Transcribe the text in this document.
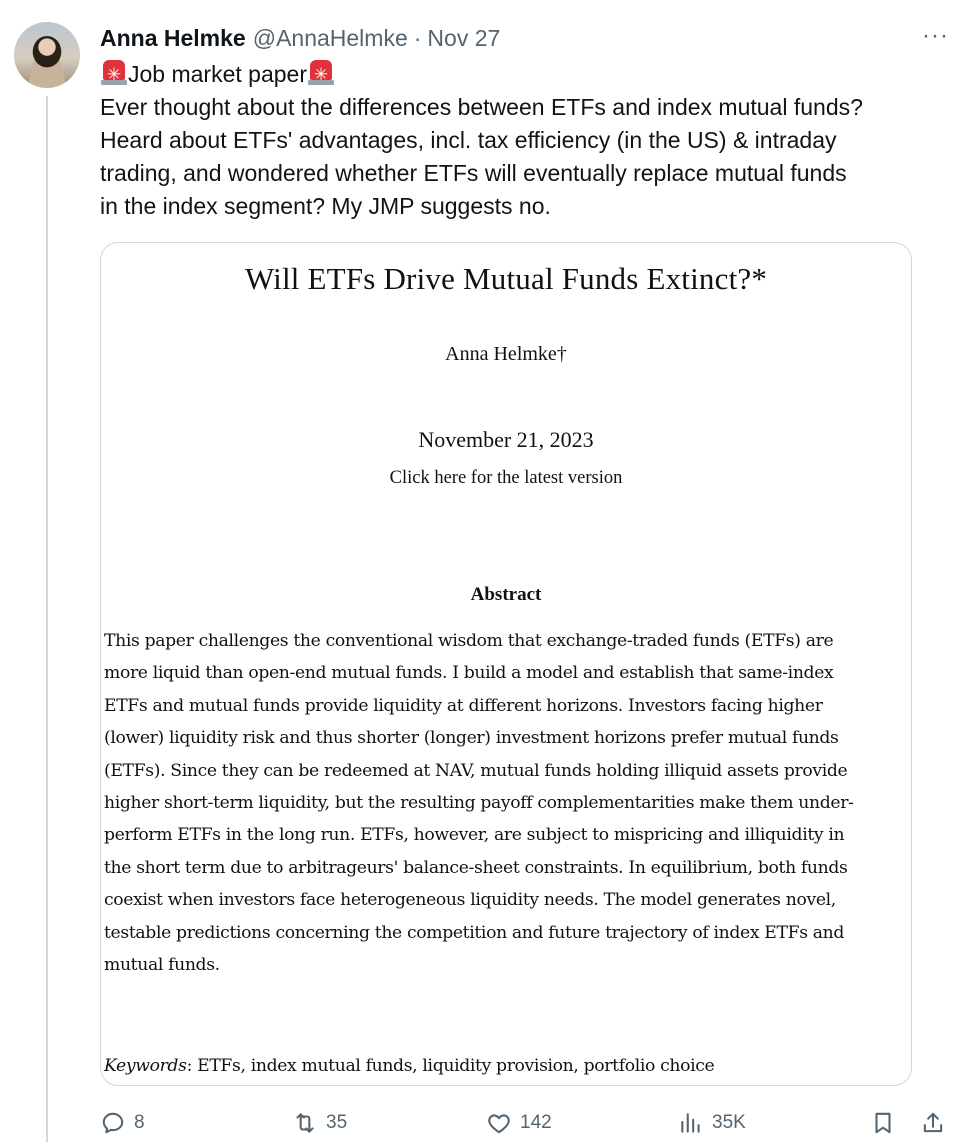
Anna Helmke @AnnaHelmke · Nov 27	···

✳Job market paper
✳

Ever thought about the differences between ETFs and index mutual funds?

Heard about ETFs' advantages, incl. tax efficiency (in the US) & intraday

trading, and wondered whether ETFs will eventually replace mutual funds

in the index segment? My JMP suggests no.

Will ETFs Drive Mutual Funds Extinct?*
Anna Helmke†
November 21, 2023
Click here for the latest version
Abstract

This paper challenges the conventional wisdom that exchange-traded funds (ETFs) are

more liquid than open-end mutual funds. I build a model and establish that same-index

ETFs and mutual funds provide liquidity at different horizons. Investors facing higher

(lower) liquidity risk and thus shorter (longer) investment horizons prefer mutual funds

(ETFs). Since they can be redeemed at NAV, mutual funds holding illiquid assets provide

higher short-term liquidity, but the resulting payoff complementarities make them under-

perform ETFs in the long run. ETFs, however, are subject to mispricing and illiquidity in

the short term due to arbitrageurs' balance-sheet constraints. In equilibrium, both funds

coexist when investors face heterogeneous liquidity needs. The model generates novel,

testable predictions concerning the competition and future trajectory of index ETFs and

mutual funds.

Keywords: ETFs, index mutual funds, liquidity provision, portfolio choice
8	35	142	35K
